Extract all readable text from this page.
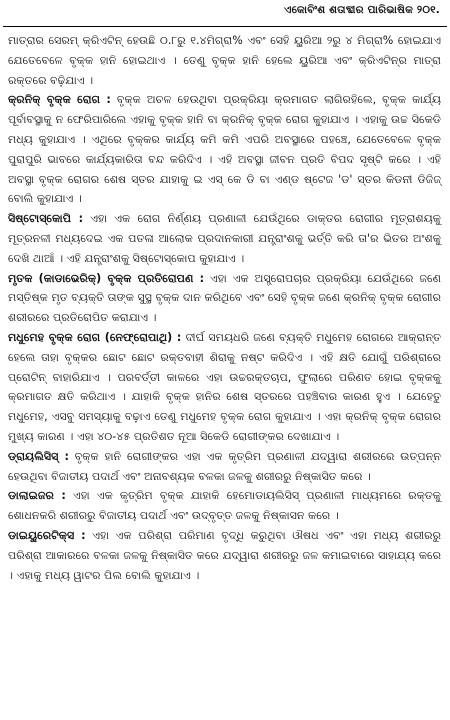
ଏକୋବିଂଶ ଶତାବ୍ଦୀର ପାରିଭାଷିକ ୨୦୧.

ମାତ୍ରାର ସେରମ୍ କ୍ରିଏଟିନ୍ ହେଉଛି ୦.୮ରୁ ୧.୪ମିଗ୍ରା% ଏବଂ ସେହି ୟୁରିଆ ୨ରୁ ୪ ମିଗ୍ରା% ହୋଇଯାଏ ଯେତେବେଳେ ବୃକ୍କ ହାନି ହୋଇଥାଏ । ତେଣୁ ବୃକ୍କ ହାନି ହେଲେ ୟୁରିଆ ଏବଂ କ୍ରିଏଟିନ୍‌ର ମାତ୍ରା ରକ୍ତରେ ବଢ଼ିଯାଏ ।

କ୍ରନିକ୍ ବୃକ୍କ ରୋଗ : ବୃକ୍କ ଅଚଳ ହେଉଥିବା ପ୍ରକ୍ରିୟା କ୍ରମାଗତ ଲାଗିରହିଲେ, ବୃକ୍କ କାର୍ଯ୍ୟ ପୂର୍ବାବସ୍ଥାକୁ ନ ଫେରିପାରିଲେ ଏହାକୁ ବୃକ୍କ ହାନି ବା କ୍ରନିକ୍ ବୃକ୍କ ରୋଗ କୁହାଯାଏ । ଏହାକୁ ଉଚ୍ଚ ସିକେଡି ମଧ୍ୟ କୁହାଯାଏ । ଏଥିରେ ବୃକ୍କର କାର୍ଯ୍ୟ କମି କମି ଏପରି ଅବସ୍ଥାରେ ପହଞ୍ଚେ, ଯେତେବେଳେ ବୃକ୍କ ପୁରାପୁରି ଭାବରେ କାର୍ଯ୍ୟକାରିତା ବନ୍ଦ କରିଦିଏ । ଏହି ଅବସ୍ଥା ଜୀବନ ପ୍ରତି ବିପଦ ସୃଷ୍ଟି କରେ । ଏହି ଅବସ୍ଥା ବୃକ୍କ ରୋଗର ଶେଷ ସ୍ତର ଯାହାକୁ ଇ ଏସ୍ କେ ଡି ବା ଏଣ୍ଡ ଷ୍ଟେଜ 'ଡ' ସ୍ତର କିଡନୀ ଡିଜିଜ୍ ବୋଲି କୁହାଯାଏ ।

ସିଷ୍ଟୋସ୍କୋପି : ଏହା ଏକ ରୋଗ ନିର୍ଣ୍ଣୟ ପ୍ରଣାଳୀ ଯେଉଁଥିରେ ଡାକ୍ତର ରୋଗୀର ମୂତ୍ରାଶୟକୁ ମୂତ୍ରନଳୀ ମଧ୍ୟଦେଇ ଏକ ପତଳା ଆଲୋକ ପ୍ରଦାନକାରୀ ଯନ୍ତ୍ରାଂଶକୁ ଭର୍ତ୍ତି କରି ତା'ର ଭିତର ଅଂଶକୁ ଦେଖି ଥାଆଁ । ଏହି ଯନ୍ତ୍ରାଂଶକୁ ସିଷ୍ଟୋସ୍କୋପ କୁହାଯାଏ ।

ମୃତକ (କାଡାଭେରିକ୍) ବୃକ୍କ ପ୍ରତିରୋପଣ : ଏହା ଏକ ଅସ୍ତ୍ରୋପଚାର ପ୍ରକ୍ରିୟା ଯେଉଁଥିରେ ଜଣେ ମସ୍ତିଷ୍କ ମୃତ ବ୍ୟକ୍ତି ତାଙ୍କ ସୁସ୍ଥ ବୃକ୍କ ଦାନ କରିଥିବେ ଏବଂ ସେହି ବୃକ୍କ ଜଣେ କ୍ରନିକ୍ ବୃକ୍କ ରୋଗୀର ଶରୀରରେ ପ୍ରତିରୋପିତ କରାଯାଏ ।

ମଧୁମେହ ବୃକ୍କ ରୋଗ (ନେଫ୍ରୋପାଥି) : ଦୀର୍ଘ ସମୟଧରି ଜଣେ ବ୍ୟକ୍ତି ମଧୁମେହ ରୋଗରେ ଆକ୍ରାନ୍ତ ହେଲେ ତାହା ବୃକ୍କର ଛୋଟ ଛୋଟ ରକ୍ତବାହୀ ଶିରାକୁ ନଷ୍ଟ କରିଦିଏ । ଏହି କ୍ଷତି ଯୋଗୁଁ ପରିଶ୍ରାରେ ପ୍ରୋଟିନ୍ ବାହାରିଯାଏ । ପରବର୍ତ୍ତୀ କାଳରେ ଏହା ଉଚ୍ଚରକ୍ତଚାପ, ଫୁଲାରେ ପରିଣତ ହୋଇ ବୃକ୍କକୁ କ୍ରମାଗତ କ୍ଷତି କରିଥାଏ । ଯାହାକି ବୃକ୍କ ହାନିର ଶେଷ ସ୍ତରରେ ପହଞ୍ଚିବାର କାରଣ ହୁଏ । ଯେହେତୁ ମଧୁମେହ, ଏସବୁ ସମସ୍ୟାକୁ ବଢ଼ାଏ ତେଣୁ ମଧୁମେହ ବୃକ୍କ ରୋଗ କୁହାଯାଏ । ଏହା କ୍ରନିକ୍ ବୃକ୍କ ରୋଗର ମୁଖ୍ୟ କାରଣ । ଏହା ୪୦-୪୫ ପ୍ରତିଶତ ନୂଆ ସିକେଡି ରୋଗୀଙ୍କର ଦେଖାଯାଏ ।

ଡ୍ରାୟଲିସିସ୍ : ବୃକ୍କ ହାନି ରୋଗୀଙ୍କର ଏହା ଏକ କୃତ୍ରିମ ପ୍ରଣାଳୀ ଯଦ୍ୱାରା ଶରୀରରେ ଉତ୍ପନ୍ନ ହେଉଥିବା ବିଜାତୀୟ ପଦାର୍ଥ ଏବଂ ଅନାବଶ୍ୟକ ବଳକା ଜଳକୁ ଶରୀରରୁ ନିଷ୍କାସିତ କରେ ।

ଡାଲାଇଜର : ଏହା ଏକ କୃତ୍ରିମ ବୃକ୍କ ଯାହାକି ହେମୋଡାୟଲିସିସ୍ ପ୍ରଣାଳୀ ମାଧ୍ୟମରେ ରକ୍ତକୁ ଶୋଧନକରି ଶରୀରରୁ ବିଜାତୀୟ ପଦାର୍ଥ ଏବଂ ଉଦ୍‌ବୃତ୍ତ ଜଳକୁ ନିଷ୍କାସନ କରେ ।

ଡାଇୟୁରେଟିକ୍ସ : ଏହା ଏକ ପରିଶ୍ରା ପରିମାଣ ବୃଦ୍ଧି କରୁଥିବା ଔଷଧ ଏବଂ ଏହା ମଧ୍ୟ ଶରୀରରୁ ପରିଶ୍ରା ଆକାରରେ ବଳକା ଜଳକୁ ନିଷ୍କାସିତ କରେ ଯଦ୍ୱାରା ଶରୀରରୁ ଜଳ କମାଇବାରେ ସାହାଯ୍ୟ କରେ । ଏହାକୁ ମଧ୍ୟ ୱାଟର ପିଲ ବୋଲି କୁହାଯାଏ ।
